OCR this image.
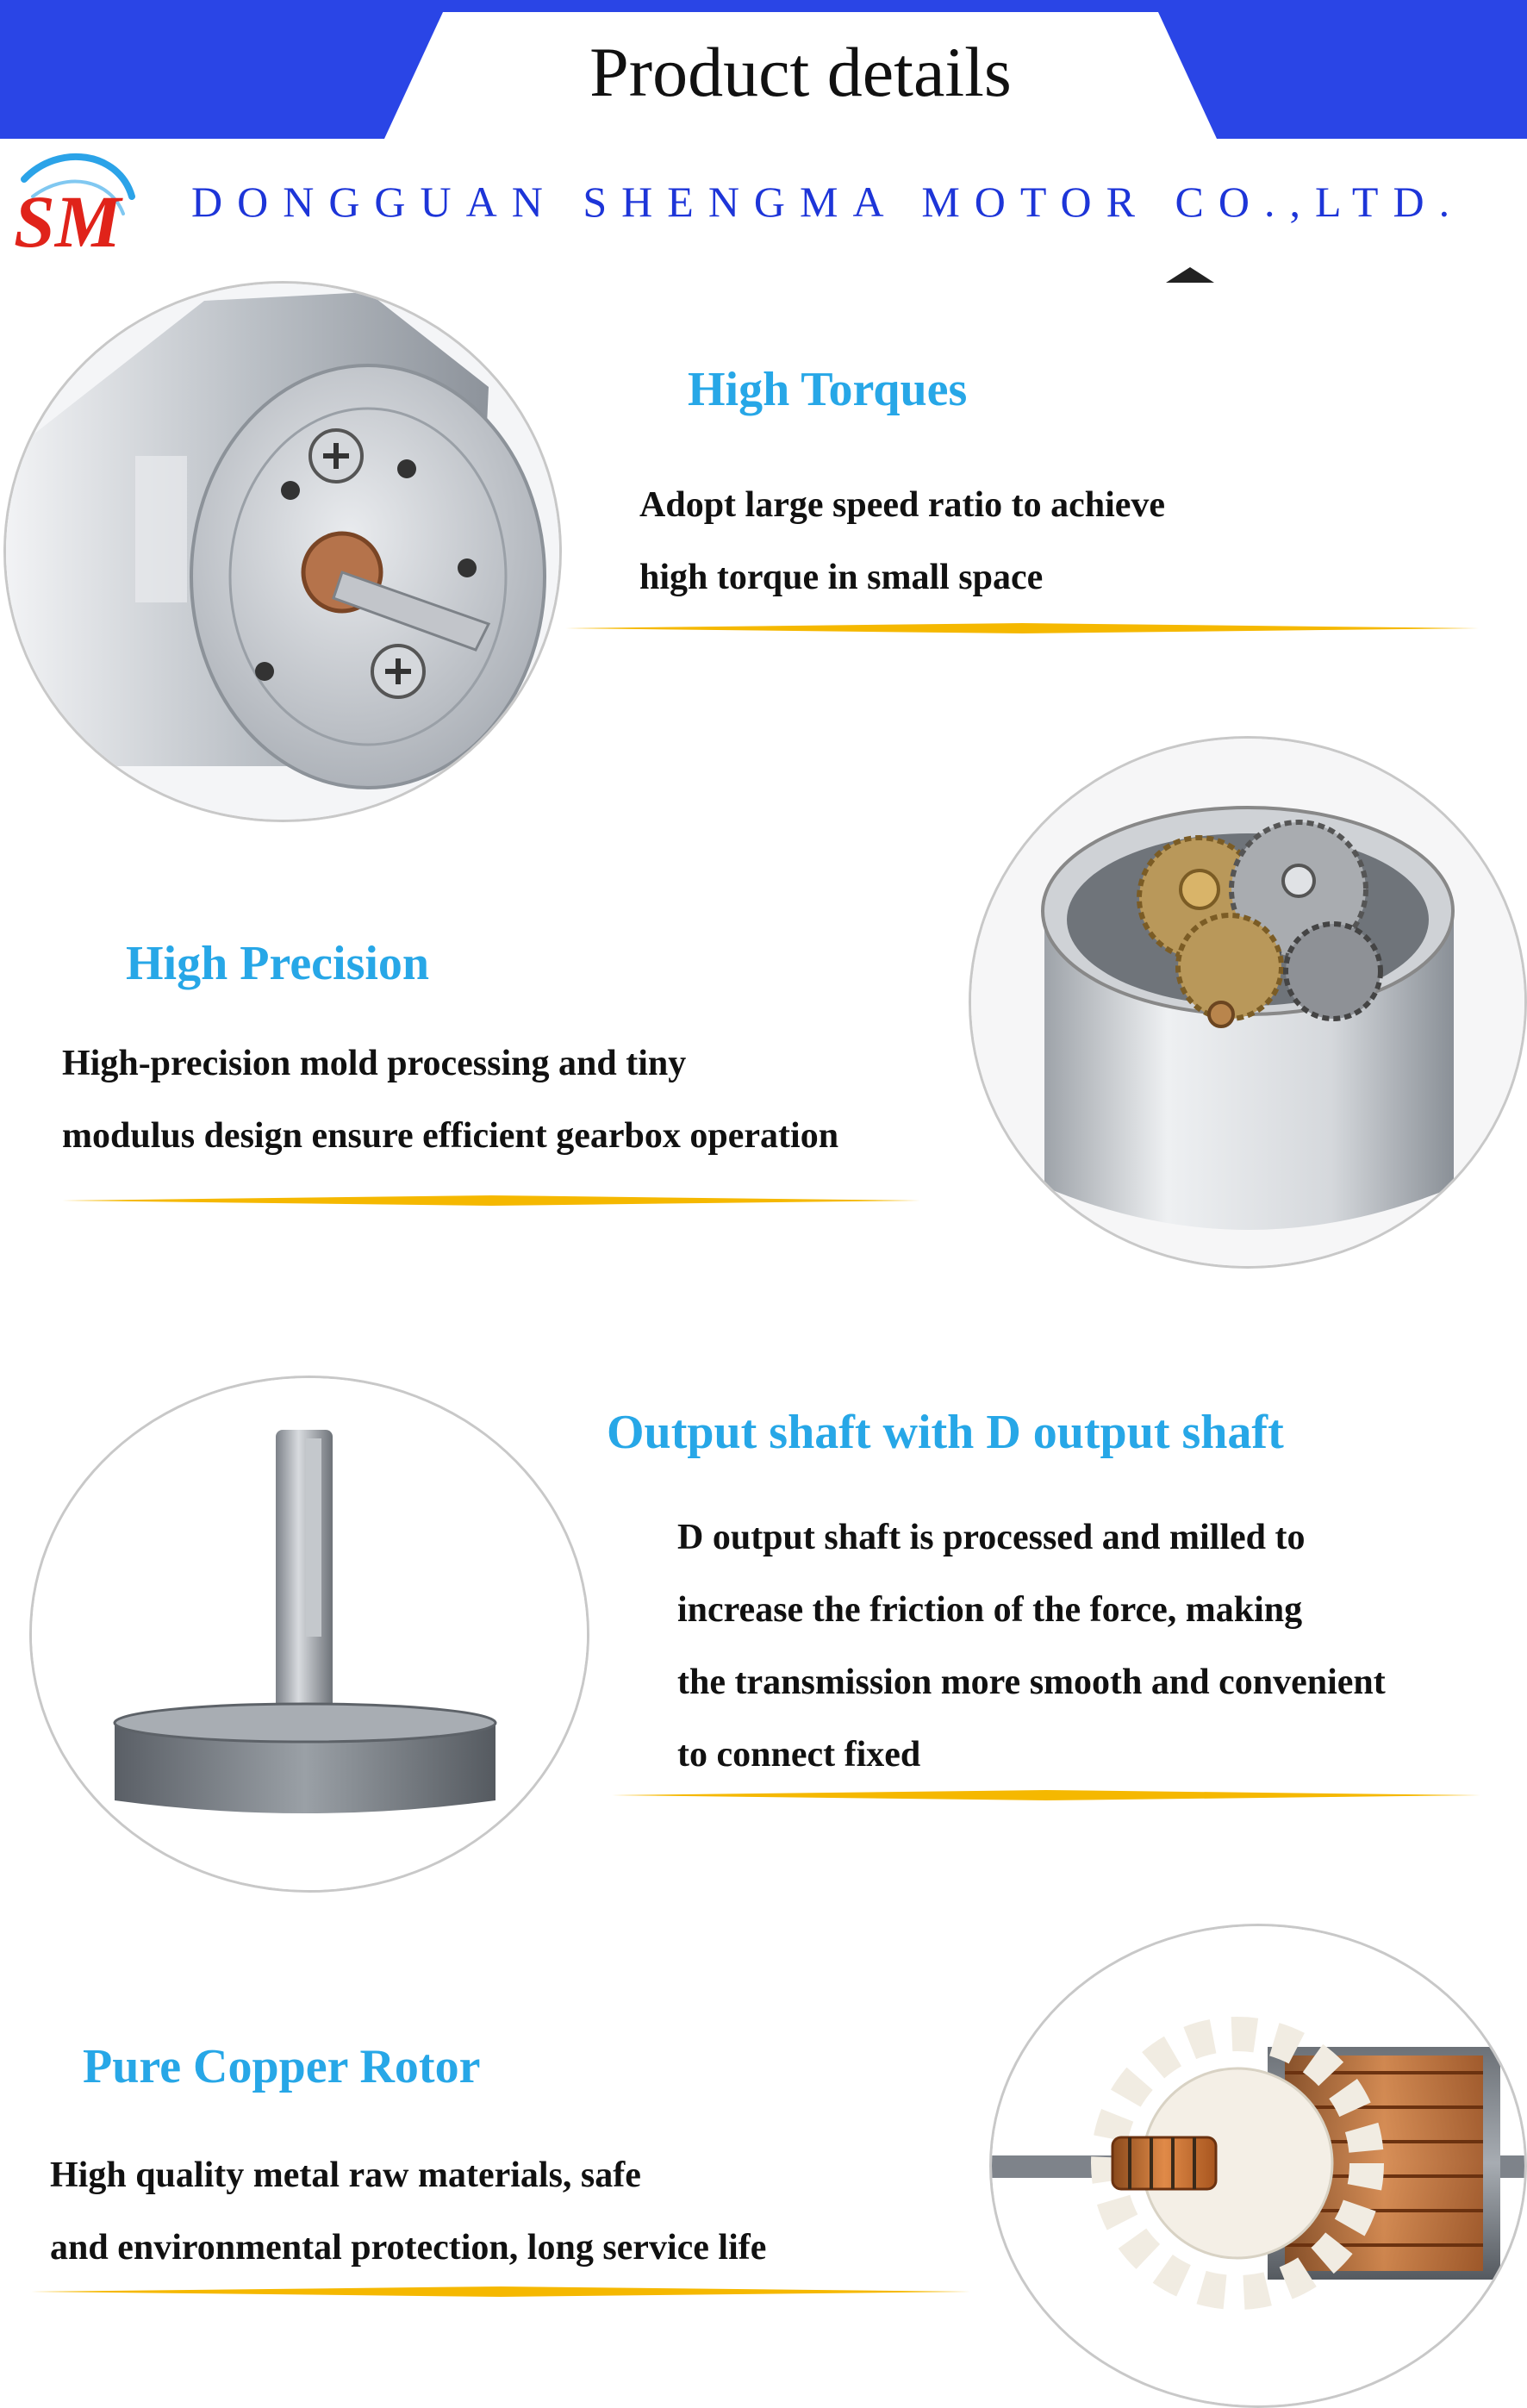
Product details
SM DONGGUAN SHENGMA MOTOR CO.,LTD.
High Torques
Adopt large speed ratio to achieve
high torque in small space
High Precision
High-precision mold processing and tiny
modulus design ensure efficient gearbox operation
Output shaft with D output shaft
D output shaft is processed and milled to
increase the friction of the force, making
the transmission more smooth and convenient
to connect fixed
Pure Copper Rotor
High quality metal raw materials, safe
and environmental protection, long service life
